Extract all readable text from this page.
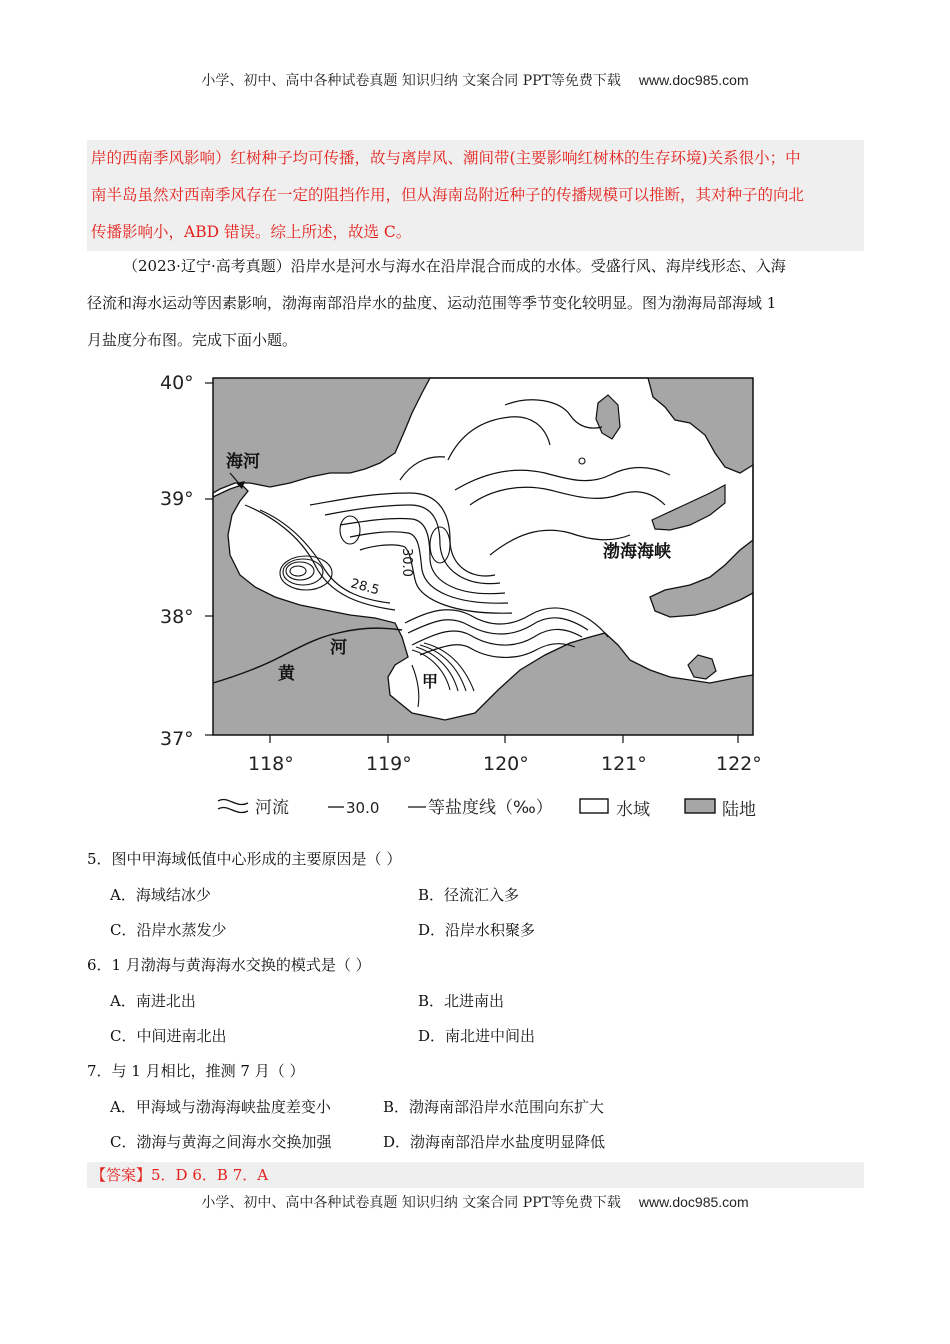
小学、初中、高中各种试卷真题 知识归纳 文案合同 PPT等免费下载 www.doc985.com
岸的西南季风影响）红树种子均可传播，故与离岸风、潮间带(主要影响红树林的生存环境)关系很小；中
南半岛虽然对西南季风存在一定的阻挡作用，但从海南岛附近种子的传播规模可以推断，其对种子的向北
传播影响小，ABD 错误。综上所述，故选 C。
（2023·辽宁·高考真题）沿岸水是河水与海水在沿岸混合而成的水体。受盛行风、海岸线形态、入海
径流和海水运动等因素影响，渤海南部沿岸水的盐度、运动范围等季节变化较明显。图为渤海局部海域 1
月盐度分布图。完成下面小题。
40°
39°
38°
37°
118°	119°	120°	121°	122°
海河
渤海海峡
河
黄	甲
30.0
28.5
河流	30.0	等盐度线（‰）	水域	陆地
5．图中甲海域低值中心形成的主要原因是（ ）
A．海域结冰少	B．径流汇入多
C．沿岸水蒸发少	D．沿岸水积聚多
6．1 月渤海与黄海海水交换的模式是（ ）
A．南进北出	B．北进南出
C．中间进南北出	D．南北进中间出
7．与 1 月相比，推测 7 月（ ）
A．甲海域与渤海海峡盐度差变小	B．渤海南部沿岸水范围向东扩大
C．渤海与黄海之间海水交换加强	D．渤海南部沿岸水盐度明显降低
【答案】5．D 6．B 7．A
小学、初中、高中各种试卷真题 知识归纳 文案合同 PPT等免费下载 www.doc985.com
